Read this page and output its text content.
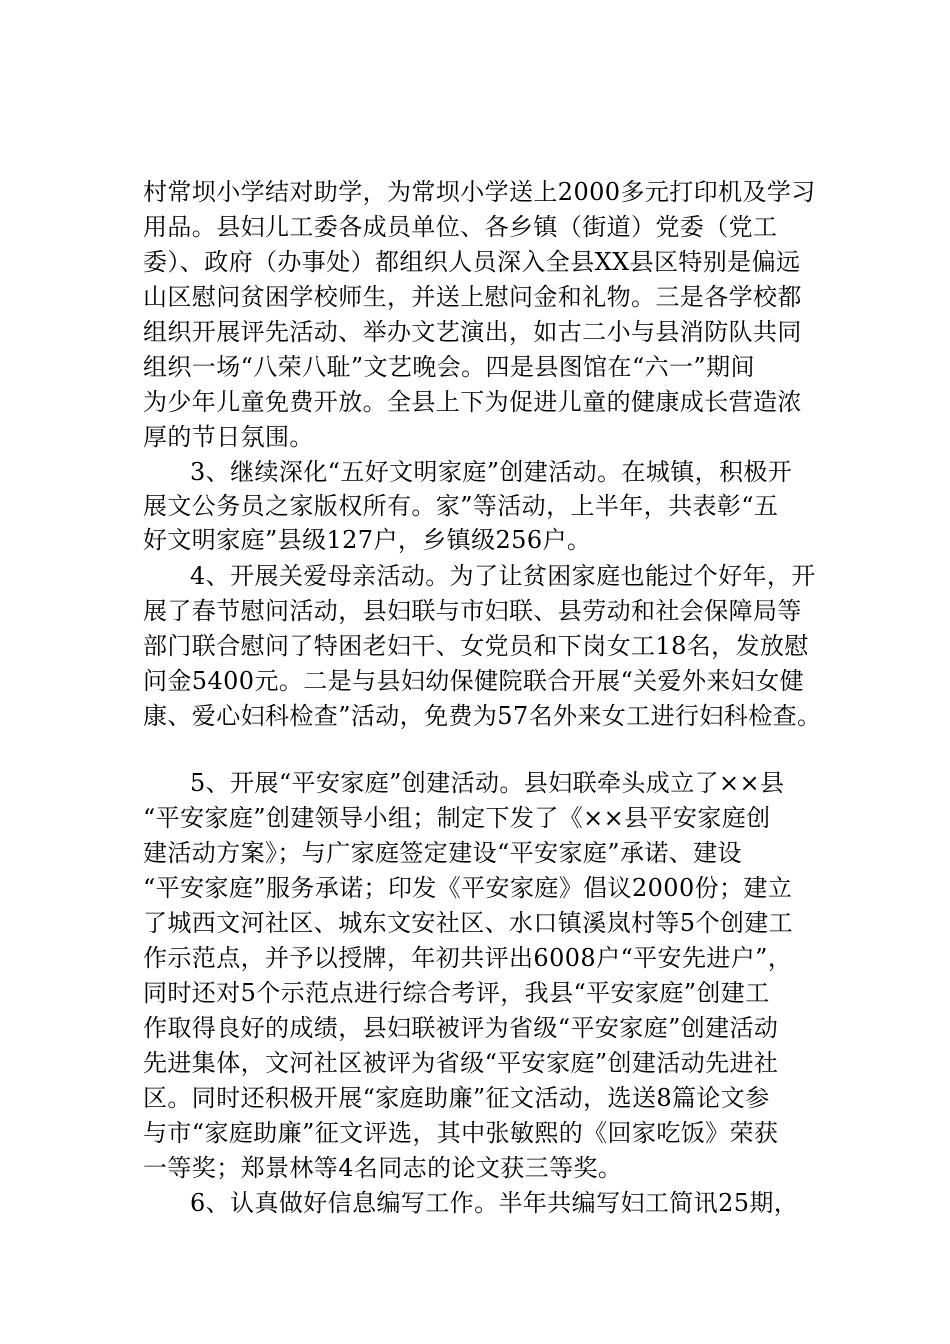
村常坝小学结对助学，为常坝小学送上2000多元打印机及学习
用品。县妇儿工委各成员单位、各乡镇（街道）党委（党工
委）、政府（办事处）都组织人员深入全县XX县区特别是偏远
山区慰问贫困学校师生，并送上慰问金和礼物。三是各学校都
组织开展评先活动、举办文艺演出，如古二小与县消防队共同
组织一场“八荣八耻”文艺晚会。四是县图馆在“六一”期间
为少年儿童免费开放。全县上下为促进儿童的健康成长营造浓
厚的节日氛围。
3、继续深化“五好文明家庭”创建活动。在城镇，积极开
展文公务员之家版权所有。家”等活动，上半年，共表彰“五
好文明家庭”县级127户，乡镇级256户。
4、开展关爱母亲活动。为了让贫困家庭也能过个好年，开
展了春节慰问活动，县妇联与市妇联、县劳动和社会保障局等
部门联合慰问了特困老妇干、女党员和下岗女工18名，发放慰
问金5400元。二是与县妇幼保健院联合开展“关爱外来妇女健
康、爱心妇科检查”活动，免费为57名外来女工进行妇科检查。
5、开展“平安家庭”创建活动。县妇联牵头成立了××县
“平安家庭”创建领导小组；制定下发了《××县平安家庭创
建活动方案》；与广家庭签定建设“平安家庭”承诺、建设
“平安家庭”服务承诺；印发《平安家庭》倡议2000份；建立
了城西文河社区、城东文安社区、水口镇溪岚村等5个创建工
作示范点，并予以授牌，年初共评出6008户“平安先进户”，
同时还对5个示范点进行综合考评，我县“平安家庭”创建工
作取得良好的成绩，县妇联被评为省级“平安家庭”创建活动
先进集体，文河社区被评为省级“平安家庭”创建活动先进社
区。同时还积极开展“家庭助廉”征文活动，选送8篇论文参
与市“家庭助廉”征文评选，其中张敏熙的《回家吃饭》荣获
一等奖；郑景林等4名同志的论文获三等奖。
6、认真做好信息编写工作。半年共编写妇工简讯25期，
